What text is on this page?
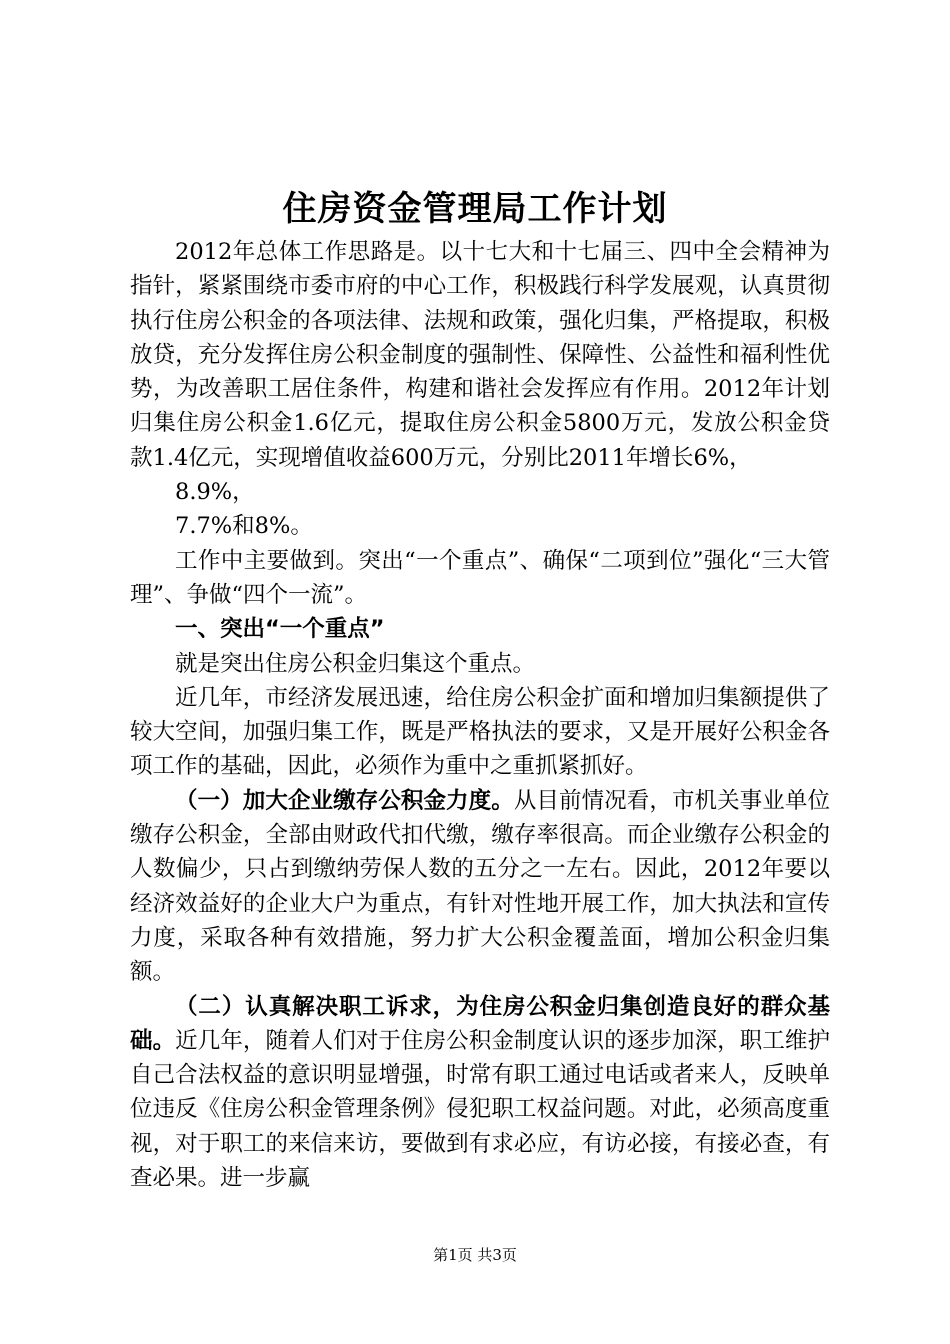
住房资金管理局工作计划

2012年总体工作思路是。以十七大和十七届三、四中全会精神为指针，紧紧围绕市委市府的中心工作，积极践行科学发展观，认真贯彻执行住房公积金的各项法律、法规和政策，强化归集，严格提取，积极放贷，充分发挥住房公积金制度的强制性、保障性、公益性和福利性优势，为改善职工居住条件，构建和谐社会发挥应有作用。2012年计划归集住房公积金1.6亿元，提取住房公积金5800万元，发放公积金贷款1.4亿元，实现增值收益600万元，分别比2011年增长6%，

8.9%，

7.7%和8%。

工作中主要做到。突出“一个重点”、确保“二项到位”强化“三大管理”、争做“四个一流”。

一、突出“一个重点”

就是突出住房公积金归集这个重点。

近几年，市经济发展迅速，给住房公积金扩面和增加归集额提供了较大空间，加强归集工作，既是严格执法的要求，又是开展好公积金各项工作的基础，因此，必须作为重中之重抓紧抓好。

（一）加大企业缴存公积金力度。从目前情况看，市机关事业单位缴存公积金，全部由财政代扣代缴，缴存率很高。而企业缴存公积金的人数偏少，只占到缴纳劳保人数的五分之一左右。因此，2012年要以经济效益好的企业大户为重点，有针对性地开展工作，加大执法和宣传力度，采取各种有效措施，努力扩大公积金覆盖面，增加公积金归集额。

（二）认真解决职工诉求，为住房公积金归集创造良好的群众基础。近几年，随着人们对于住房公积金制度认识的逐步加深，职工维护自己合法权益的意识明显增强，时常有职工通过电话或者来人，反映单位违反《住房公积金管理条例》侵犯职工权益问题。对此，必须高度重视，对于职工的来信来访，要做到有求必应，有访必接，有接必查，有查必果。进一步赢

第1页 共3页
